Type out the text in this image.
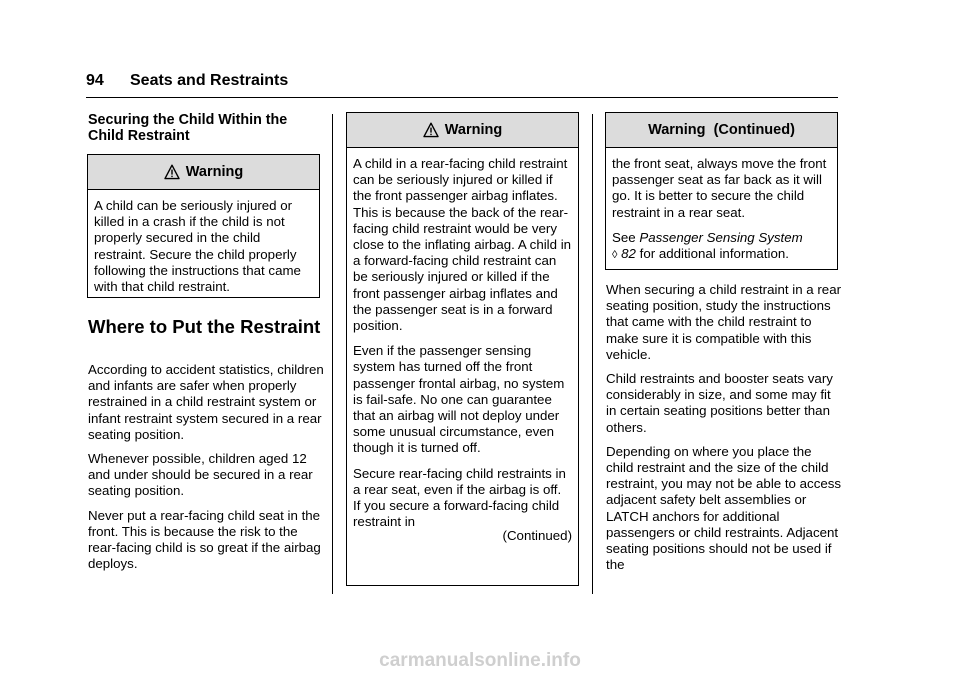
94 Seats and Restraints
Securing the Child Within the Child Restraint
Warning

A child can be seriously injured or killed in a crash if the child is not properly secured in the child restraint. Secure the child properly following the instructions that came with that child restraint.

Where to Put the Restraint

According to accident statistics, children and infants are safer when properly restrained in a child restraint system or infant restraint system secured in a rear seating position.

Whenever possible, children aged 12 and under should be secured in a rear seating position.

Never put a rear-facing child seat in the front. This is because the risk to the rear-facing child is so great if the airbag deploys.

Warning

A child in a rear-facing child restraint can be seriously injured or killed if the front passenger airbag inflates. This is because the back of the rear-facing child restraint would be very close to the inflating airbag. A child in a forward-facing child restraint can be seriously injured or killed if the front passenger airbag inflates and the passenger seat is in a forward position.

Even if the passenger sensing system has turned off the front passenger frontal airbag, no system is fail-safe. No one can guarantee that an airbag will not deploy under some unusual circumstance, even though it is turned off.

Secure rear-facing child restraints in a rear seat, even if the airbag is off. If you secure a forward-facing child restraint in

(Continued)
Warning  (Continued)

the front seat, always move the front passenger seat as far back as it will go. It is better to secure the child restraint in a rear seat.

See Passenger Sensing System
◊ 82 for additional information.

When securing a child restraint in a rear seating position, study the instructions that came with the child restraint to make sure it is compatible with this vehicle.

Child restraints and booster seats vary considerably in size, and some may fit in certain seating positions better than others.

Depending on where you place the child restraint and the size of the child restraint, you may not be able to access adjacent safety belt assemblies or LATCH anchors for additional passengers or child restraints. Adjacent seating positions should not be used if the

carmanualsonline.info
